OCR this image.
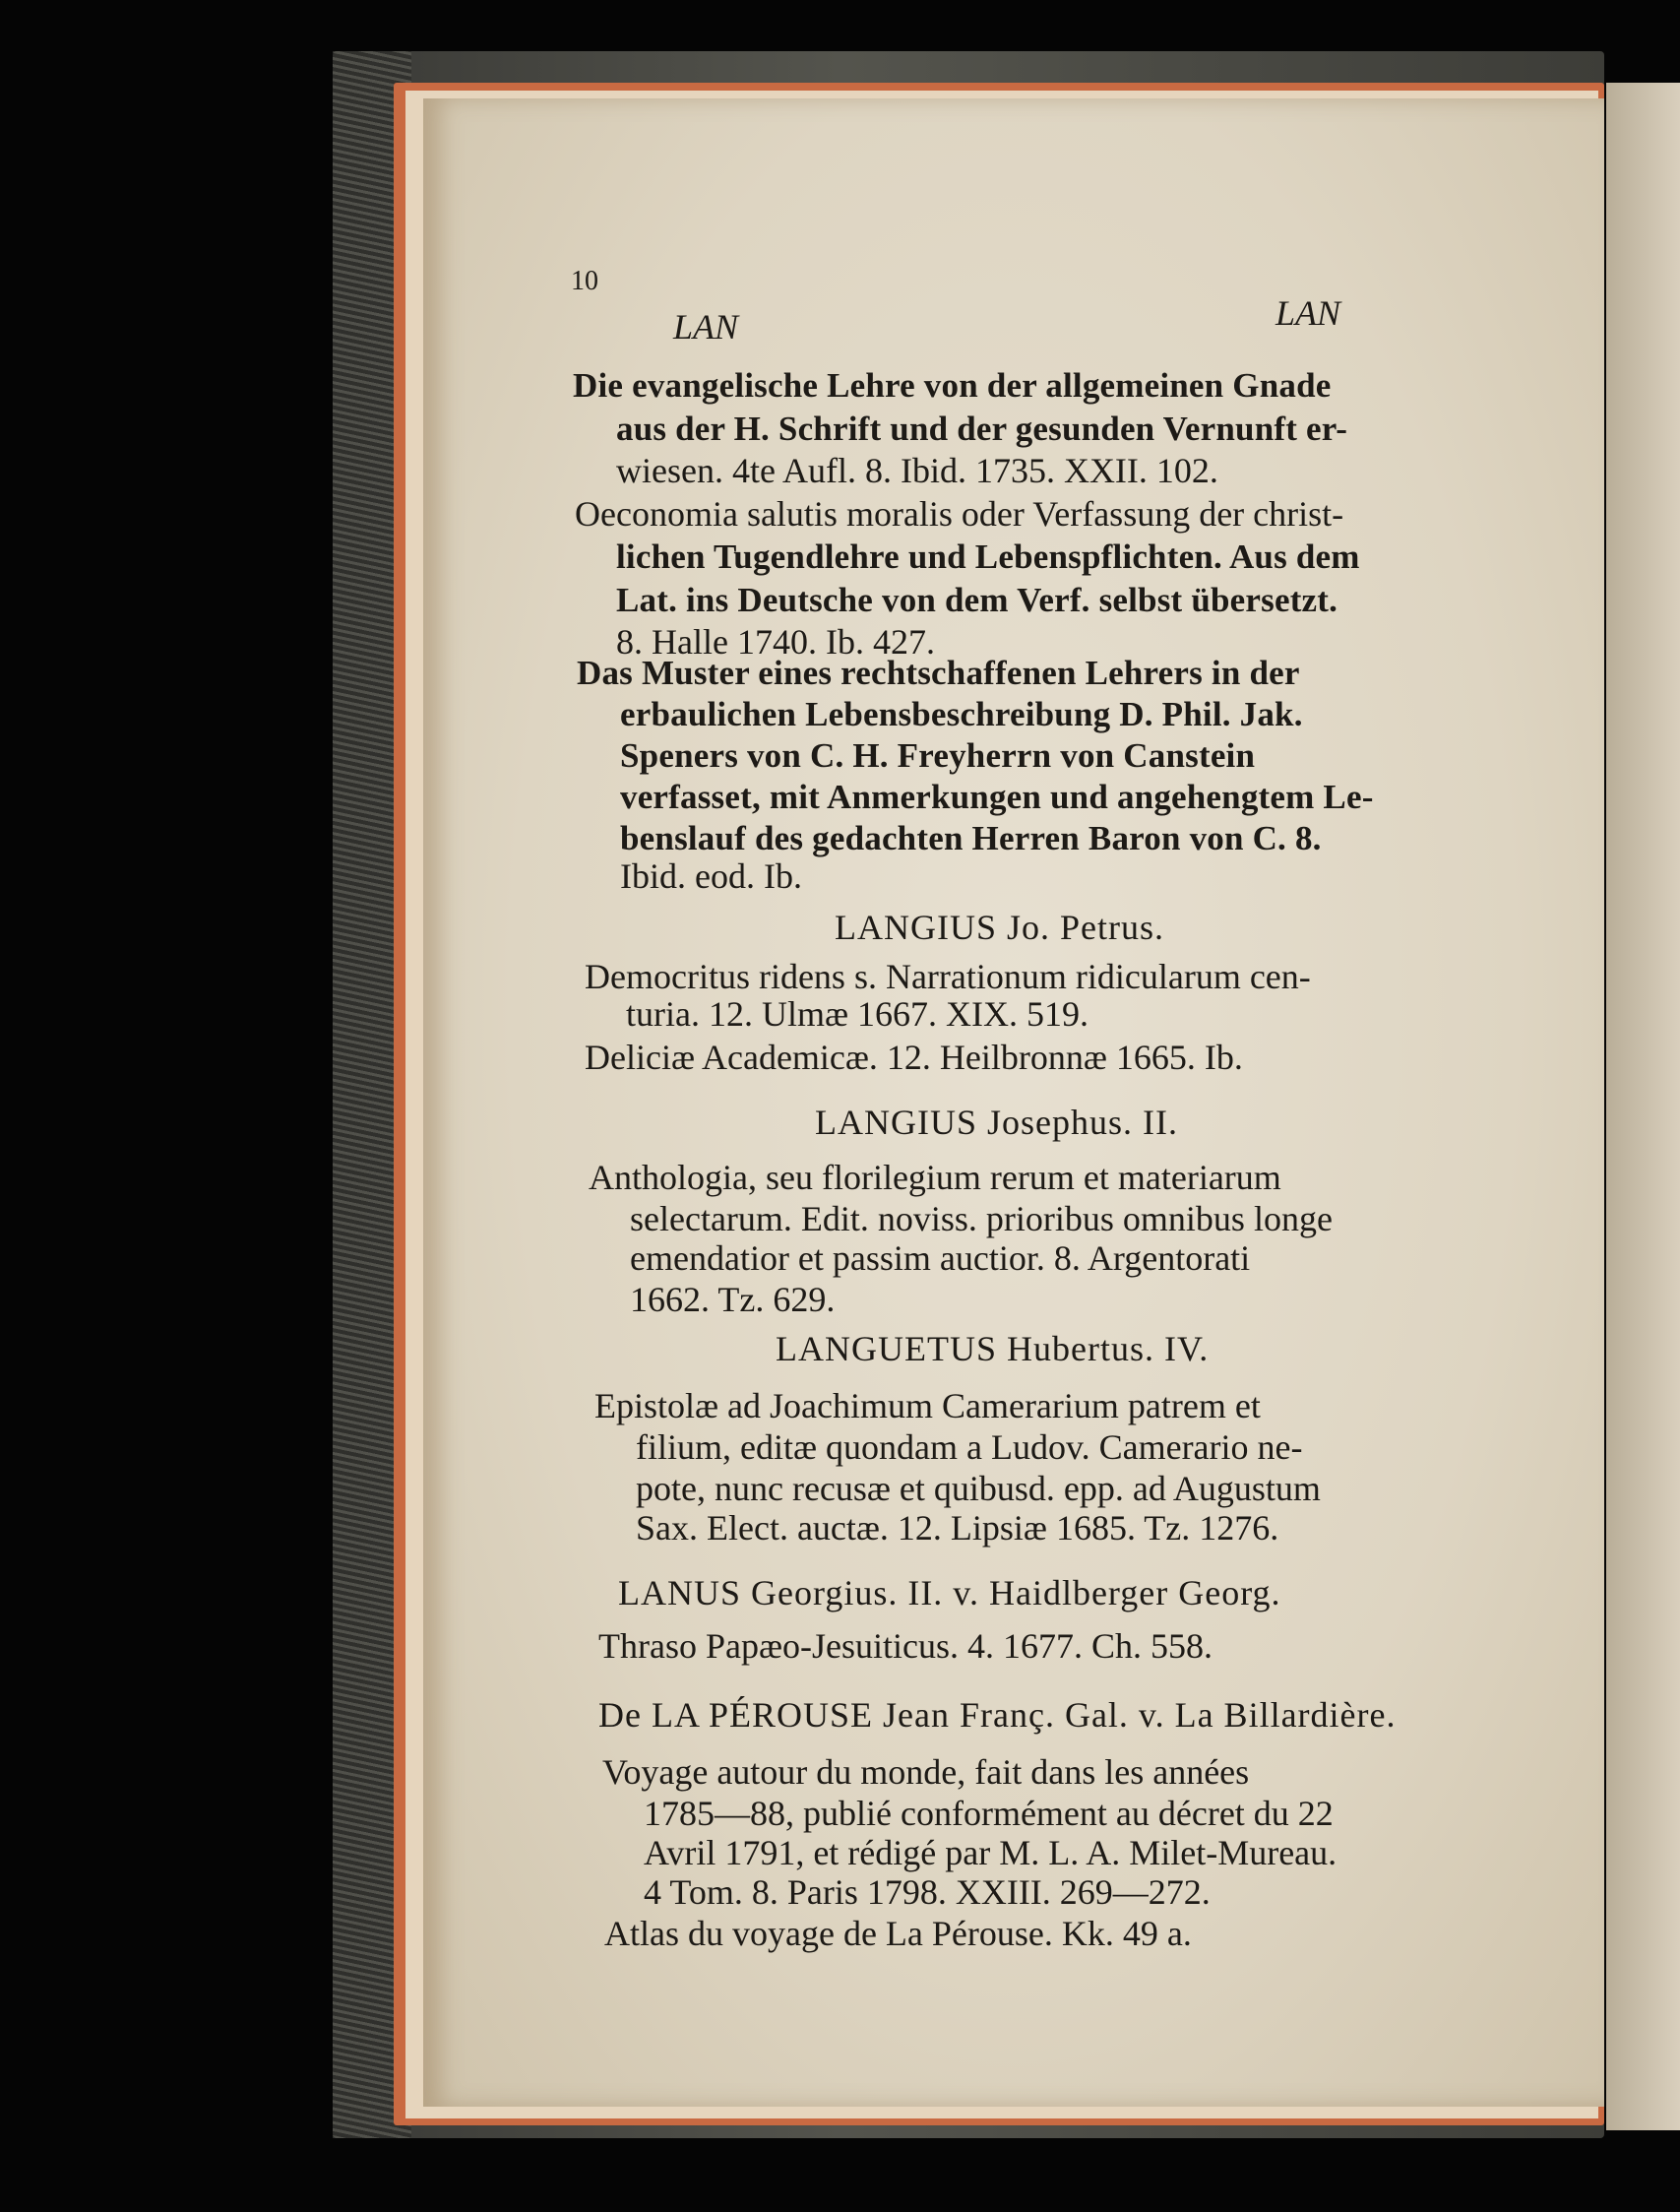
10
LAN	LAN
Die evangelische Lehre von der allgemeinen Gnade
aus der H. Schrift und der gesunden Vernunft er-
wiesen. 4te Aufl. 8. Ibid. 1735. XXII. 102.
Oeconomia salutis moralis oder Verfassung der christ-
lichen Tugendlehre und Lebenspflichten. Aus dem
Lat. ins Deutsche von dem Verf. selbst übersetzt.
8. Halle 1740. Ib. 427.
Das Muster eines rechtschaffenen Lehrers in der
erbaulichen Lebensbeschreibung D. Phil. Jak.
Speners von C. H. Freyherrn von Canstein
verfasset, mit Anmerkungen und angehengtem Le-
benslauf des gedachten Herren Baron von C. 8.
Ibid. eod. Ib.
LANGIUS Jo. Petrus.
Democritus ridens s. Narrationum ridicularum cen-
turia. 12. Ulmæ 1667. XIX. 519.
Deliciæ Academicæ. 12. Heilbronnæ 1665. Ib.
LANGIUS Josephus. II.
Anthologia, seu florilegium rerum et materiarum
selectarum. Edit. noviss. prioribus omnibus longe
emendatior et passim auctior. 8. Argentorati
1662. Tz. 629.
LANGUETUS Hubertus. IV.
Epistolæ ad Joachimum Camerarium patrem et
filium, editæ quondam a Ludov. Camerario ne-
pote, nunc recusæ et quibusd. epp. ad Augustum
Sax. Elect. auctæ. 12. Lipsiæ 1685. Tz. 1276.
LANUS Georgius. II. v. Haidlberger Georg.
Thraso Papæo-Jesuiticus. 4. 1677. Ch. 558.
De LA PÉROUSE Jean Franç. Gal. v. La Billardière.
Voyage autour du monde, fait dans les années
1785—88, publié conformément au décret du 22
Avril 1791, et rédigé par M. L. A. Milet-Mureau.
4 Tom. 8. Paris 1798. XXIII. 269—272.
Atlas du voyage de La Pérouse. Kk. 49 a.
